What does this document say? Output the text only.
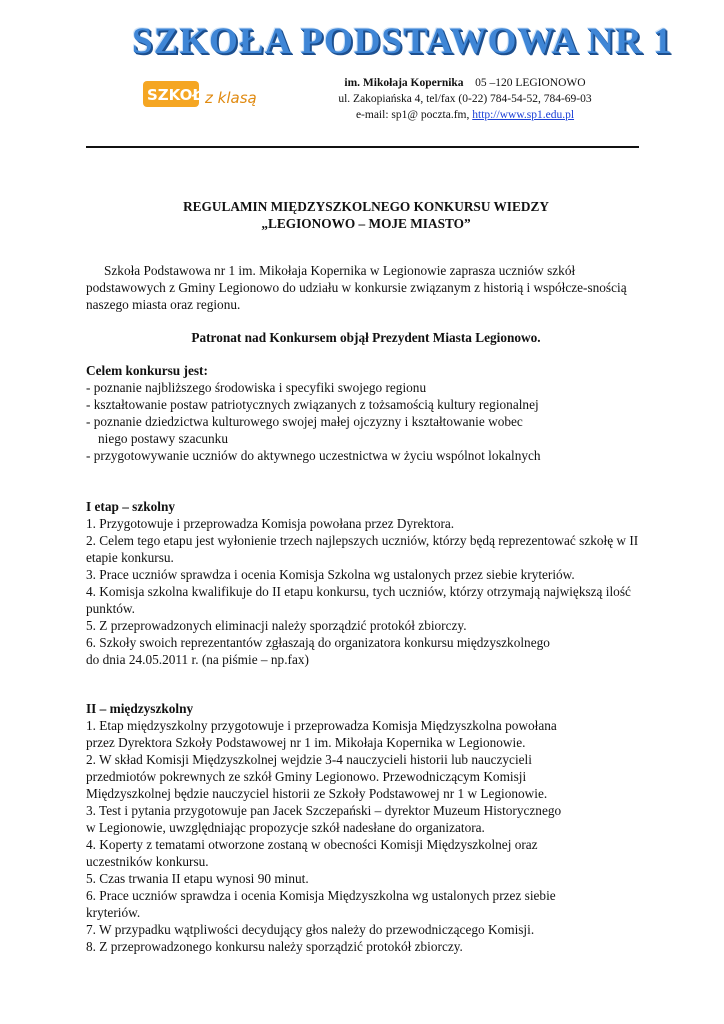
SZKOŁA PODSTAWOWA NR 1
SZKOŁA
z klasą
im. Mikołaja Kopernika 05 –120 LEGIONOWO
ul. Zakopiańska 4, tel/fax (0-22) 784-54-52, 784-69-03
e-mail: sp1@ poczta.fm, http://www.sp1.edu.pl
REGULAMIN MIĘDZYSZKOLNEGO KONKURSU WIEDZY
„LEGIONOWO – MOJE MIASTO”

Szkoła Podstawowa nr 1 im. Mikołaja Kopernika w Legionowie zaprasza uczniów szkół podstawowych z Gminy Legionowo do udziału w konkursie związanym z historią i współcze-snością naszego miasta oraz regionu.

Patronat nad Konkursem objął Prezydent Miasta Legionowo.

Celem konkursu jest:

- poznanie najbliższego środowiska i specyfiki swojego regionu
- kształtowanie postaw patriotycznych związanych z tożsamością kultury regionalnej
- poznanie dziedzictwa kulturowego swojej małej ojczyzny i kształtowanie wobec
niego postawy szacunku
- przygotowywanie uczniów do aktywnego uczestnictwa w życiu wspólnot lokalnych

I etap – szkolny

1. Przygotowuje i przeprowadza Komisja powołana przez Dyrektora.
2. Celem tego etapu jest wyłonienie trzech najlepszych uczniów, którzy będą reprezentować szkołę w II etapie konkursu.
3. Prace uczniów sprawdza i ocenia Komisja Szkolna wg ustalonych przez siebie kryteriów.
4. Komisja szkolna kwalifikuje do II etapu konkursu, tych uczniów, którzy otrzymają największą ilość punktów.
5. Z przeprowadzonych eliminacji należy sporządzić protokół zbiorczy.
6. Szkoły swoich reprezentantów zgłaszają do organizatora konkursu międzyszkolnego
do dnia 24.05.2011 r. (na piśmie – np.fax)

II – międzyszkolny

1. Etap międzyszkolny przygotowuje i przeprowadza Komisja Międzyszkolna powołana
przez Dyrektora Szkoły Podstawowej nr 1 im. Mikołaja Kopernika w Legionowie.
2. W skład Komisji Międzyszkolnej wejdzie 3-4 nauczycieli historii lub nauczycieli
przedmiotów pokrewnych ze szkół Gminy Legionowo. Przewodniczącym Komisji
Międzyszkolnej będzie nauczyciel historii ze Szkoły Podstawowej nr 1 w Legionowie.
3. Test i pytania przygotowuje pan Jacek Szczepański – dyrektor Muzeum Historycznego
w Legionowie, uwzględniając propozycje szkół nadesłane do organizatora.
4. Koperty z tematami otworzone zostaną w obecności Komisji Międzyszkolnej oraz
uczestników konkursu.
5. Czas trwania II etapu wynosi 90 minut.
6. Prace uczniów sprawdza i ocenia Komisja Międzyszkolna wg ustalonych przez siebie
kryteriów.
7. W przypadku wątpliwości decydujący głos należy do przewodniczącego Komisji.
8. Z przeprowadzonego konkursu należy sporządzić protokół zbiorczy.
